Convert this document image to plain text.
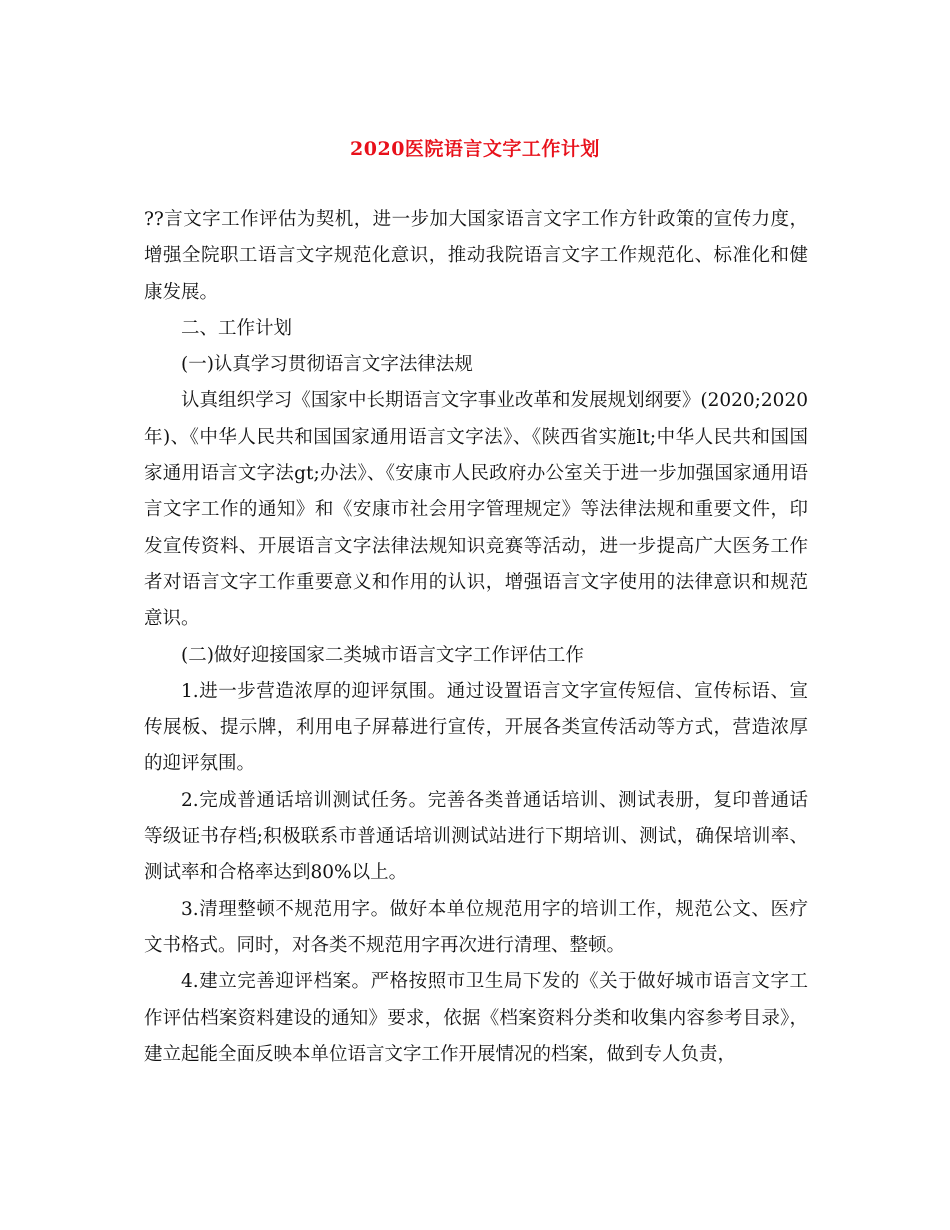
2020医院语言文字工作计划

??言文字工作评估为契机，进一步加大国家语言文字工作方针政策的宣传力度，增强全院职工语言文字规范化意识，推动我院语言文字工作规范化、标准化和健康发展。

二、工作计划

(一)认真学习贯彻语言文字法律法规

认真组织学习《国家中长期语言文字事业改革和发展规划纲要》(2020;2020年)、《中华人民共和国国家通用语言文字法》、《陕西省实施lt;中华人民共和国国家通用语言文字法gt;办法》、《安康市人民政府办公室关于进一步加强国家通用语言文字工作的通知》和《安康市社会用字管理规定》等法律法规和重要文件，印发宣传资料、开展语言文字法律法规知识竞赛等活动，进一步提高广大医务工作者对语言文字工作重要意义和作用的认识，增强语言文字使用的法律意识和规范意识。

(二)做好迎接国家二类城市语言文字工作评估工作

1.进一步营造浓厚的迎评氛围。通过设置语言文字宣传短信、宣传标语、宣传展板、提示牌，利用电子屏幕进行宣传，开展各类宣传活动等方式，营造浓厚的迎评氛围。

2.完成普通话培训测试任务。完善各类普通话培训、测试表册，复印普通话等级证书存档;积极联系市普通话培训测试站进行下期培训、测试，确保培训率、测试率和合格率达到80%以上。

3.清理整顿不规范用字。做好本单位规范用字的培训工作，规范公文、医疗文书格式。同时，对各类不规范用字再次进行清理、整顿。

4.建立完善迎评档案。严格按照市卫生局下发的《关于做好城市语言文字工作评估档案资料建设的通知》要求，依据《档案资料分类和收集内容参考目录》，建立起能全面反映本单位语言文字工作开展情况的档案，做到专人负责，
